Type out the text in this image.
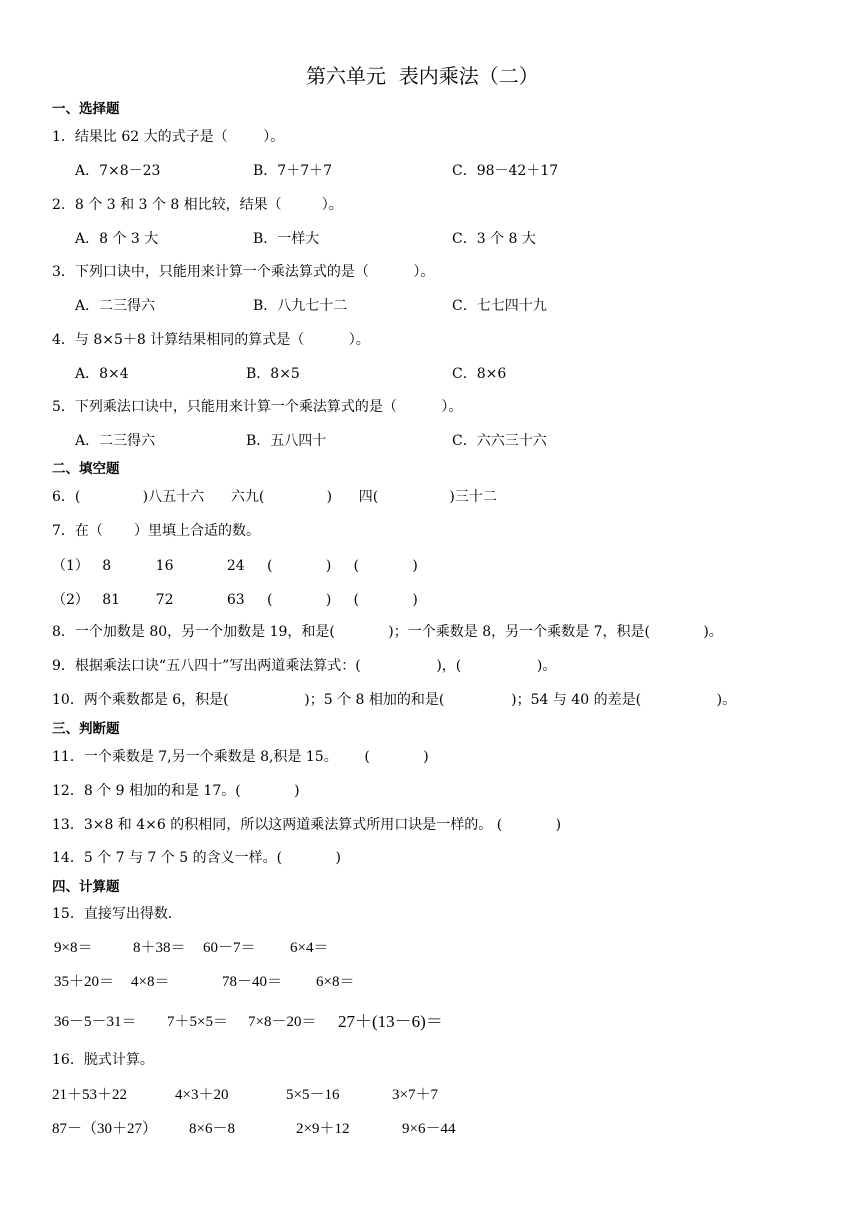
第六单元  表内乘法（二）
一、选择题
1．结果比 62 大的式子是（        ）。
A．7×8－23	B．7＋7＋7	C．98－42＋17
2．8 个 3 和 3 个 8 相比较，结果（         ）。
A．8 个 3 大	B．一样大	C．3 个 8 大
3．下列口诀中，只能用来计算一个乘法算式的是（          ）。
A．二三得六	B．八九七十二	C．七七四十九
4．与 8×5＋8 计算结果相同的算式是（          ）。
A．8×4	B．8×5	C．8×6
5．下列乘法口诀中，只能用来计算一个乘法算式的是（          ）。
A．二三得六	B．五八四十	C．六六三十六
二、填空题
6．(              )八五十六      六九(              )      四(                )三十二
7．在（       ）里填上合适的数。
（1）   8          16            24     (            )     (            )
（2）   81        72            63     (            )     (            )
8．一个加数是 80，另一个加数是 19，和是(            )；一个乘数是 8，另一个乘数是 7，积是(            )。
9．根据乘法口诀“五八四十”写出两道乘法算式：(                 )，(                 )。
10．两个乘数都是 6，积是(                 )；5 个 8 相加的和是(               )；54 与 40 的差是(                 )。
三、判断题
11．一个乘数是 7,另一个乘数是 8,积是 15。      (            )
12．8 个 9 相加的和是 17。(            )
13．3×8 和 4×6 的积相同，所以这两道乘法算式所用口诀是一样的。 (            )
14．5 个 7 与 7 个 5 的含义一样。(            )
四、计算题
15．直接写出得数．
9×8＝	8＋38＝ 60－7＝ 6×4＝
35＋20＝ 4×8＝	78－40＝ 6×8＝
36－5－31＝ 7＋5×5＝ 7×8－20＝ 27＋(13－6)＝
16．脱式计算。
21＋53＋22	4×3＋20	5×5－16	3×7＋7
87－（30＋27） 8×6－8	2×9＋12	9×6－44
